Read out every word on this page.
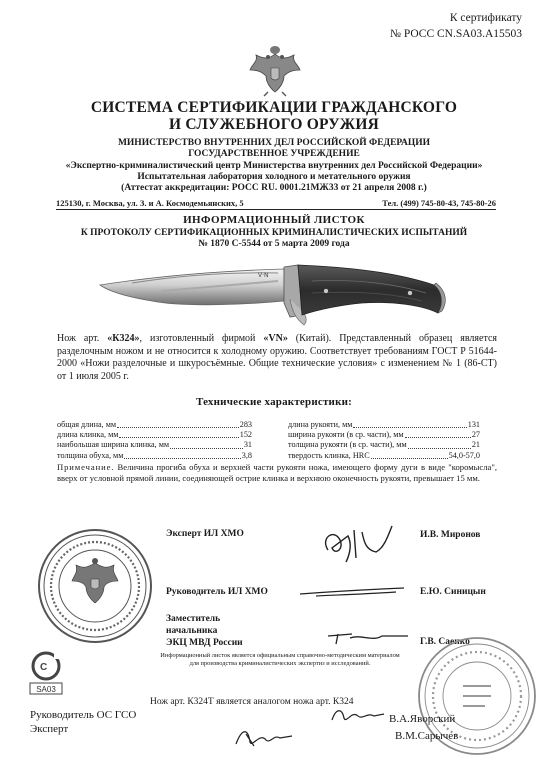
К сертификату
№ РОСС CN.SA03.A15503
СИСТЕМА СЕРТИФИКАЦИИ ГРАЖДАНСКОГО
И СЛУЖЕБНОГО ОРУЖИЯ
МИНИСТЕРСТВО ВНУТРЕННИХ ДЕЛ РОССИЙСКОЙ ФЕДЕРАЦИИ
ГОСУДАРСТВЕННОЕ УЧРЕЖДЕНИЕ
«Экспертно-криминалистический центр Министерства внутренних дел Российской Федерации»
Испытательная лаборатория холодного и метательного оружия
(Аттестат аккредитации: РОСС RU. 0001.21МЖ33 от 21 апреля 2008 г.)
125130, г. Москва, ул. З. и А. Космодемьянских, 5	Тел. (499) 745-80-43, 745-80-26
ИНФОРМАЦИОННЫЙ ЛИСТОК
К ПРОТОКОЛУ СЕРТИФИКАЦИОННЫХ КРИМИНАЛИСТИЧЕСКИХ ИСПЫТАНИЙ
№ 1870 С-5544 от 5 марта 2009 года
V·N
Нож арт. «К324», изготовленный фирмой «VN» (Китай). Представленный образец является разделочным ножом и не относится к холодному оружию. Соответствует требованиям ГОСТ Р 51644-2000 «Ножи разделочные и шкуросъёмные. Общие технические условия» с изменением № 1 (86-СТ) от 1 июля 2005 г.
Технические характеристики:
общая длина, мм	283
длина клинка, мм	152
наибольшая ширина клинка, мм	31
толщина обуха, мм	3,8
длина рукояти, мм	131
ширина рукояти (в ср. части), мм	27
толщина рукояти (в ср. части), мм	21
твердость клинка, HRC	54,0-57,0
Примечание. Величина прогиба обуха и верхней части рукояти ножа, имеющего форму дуги в виде "коромысла", вверх от условной прямой линии, соединяющей острие клинка и верхнюю оконечность рукояти, превышает 15 мм.
C
SA03
Эксперт ИЛ ХМО	И.В. Миронов
Руководитель ИЛ ХМО	Е.Ю. Синицын
Заместитель
начальника
ЭКЦ МВД России	Г.В. Саенко
Информационный листок является официальным справочно-методическим материалом
для производства криминалистических экспертиз и исследований.
Нож арт. К324Т является аналогом ножа арт. К324
Руководитель ОС ГСО
Эксперт
В.А.Яворский
В.М.Сарычев
